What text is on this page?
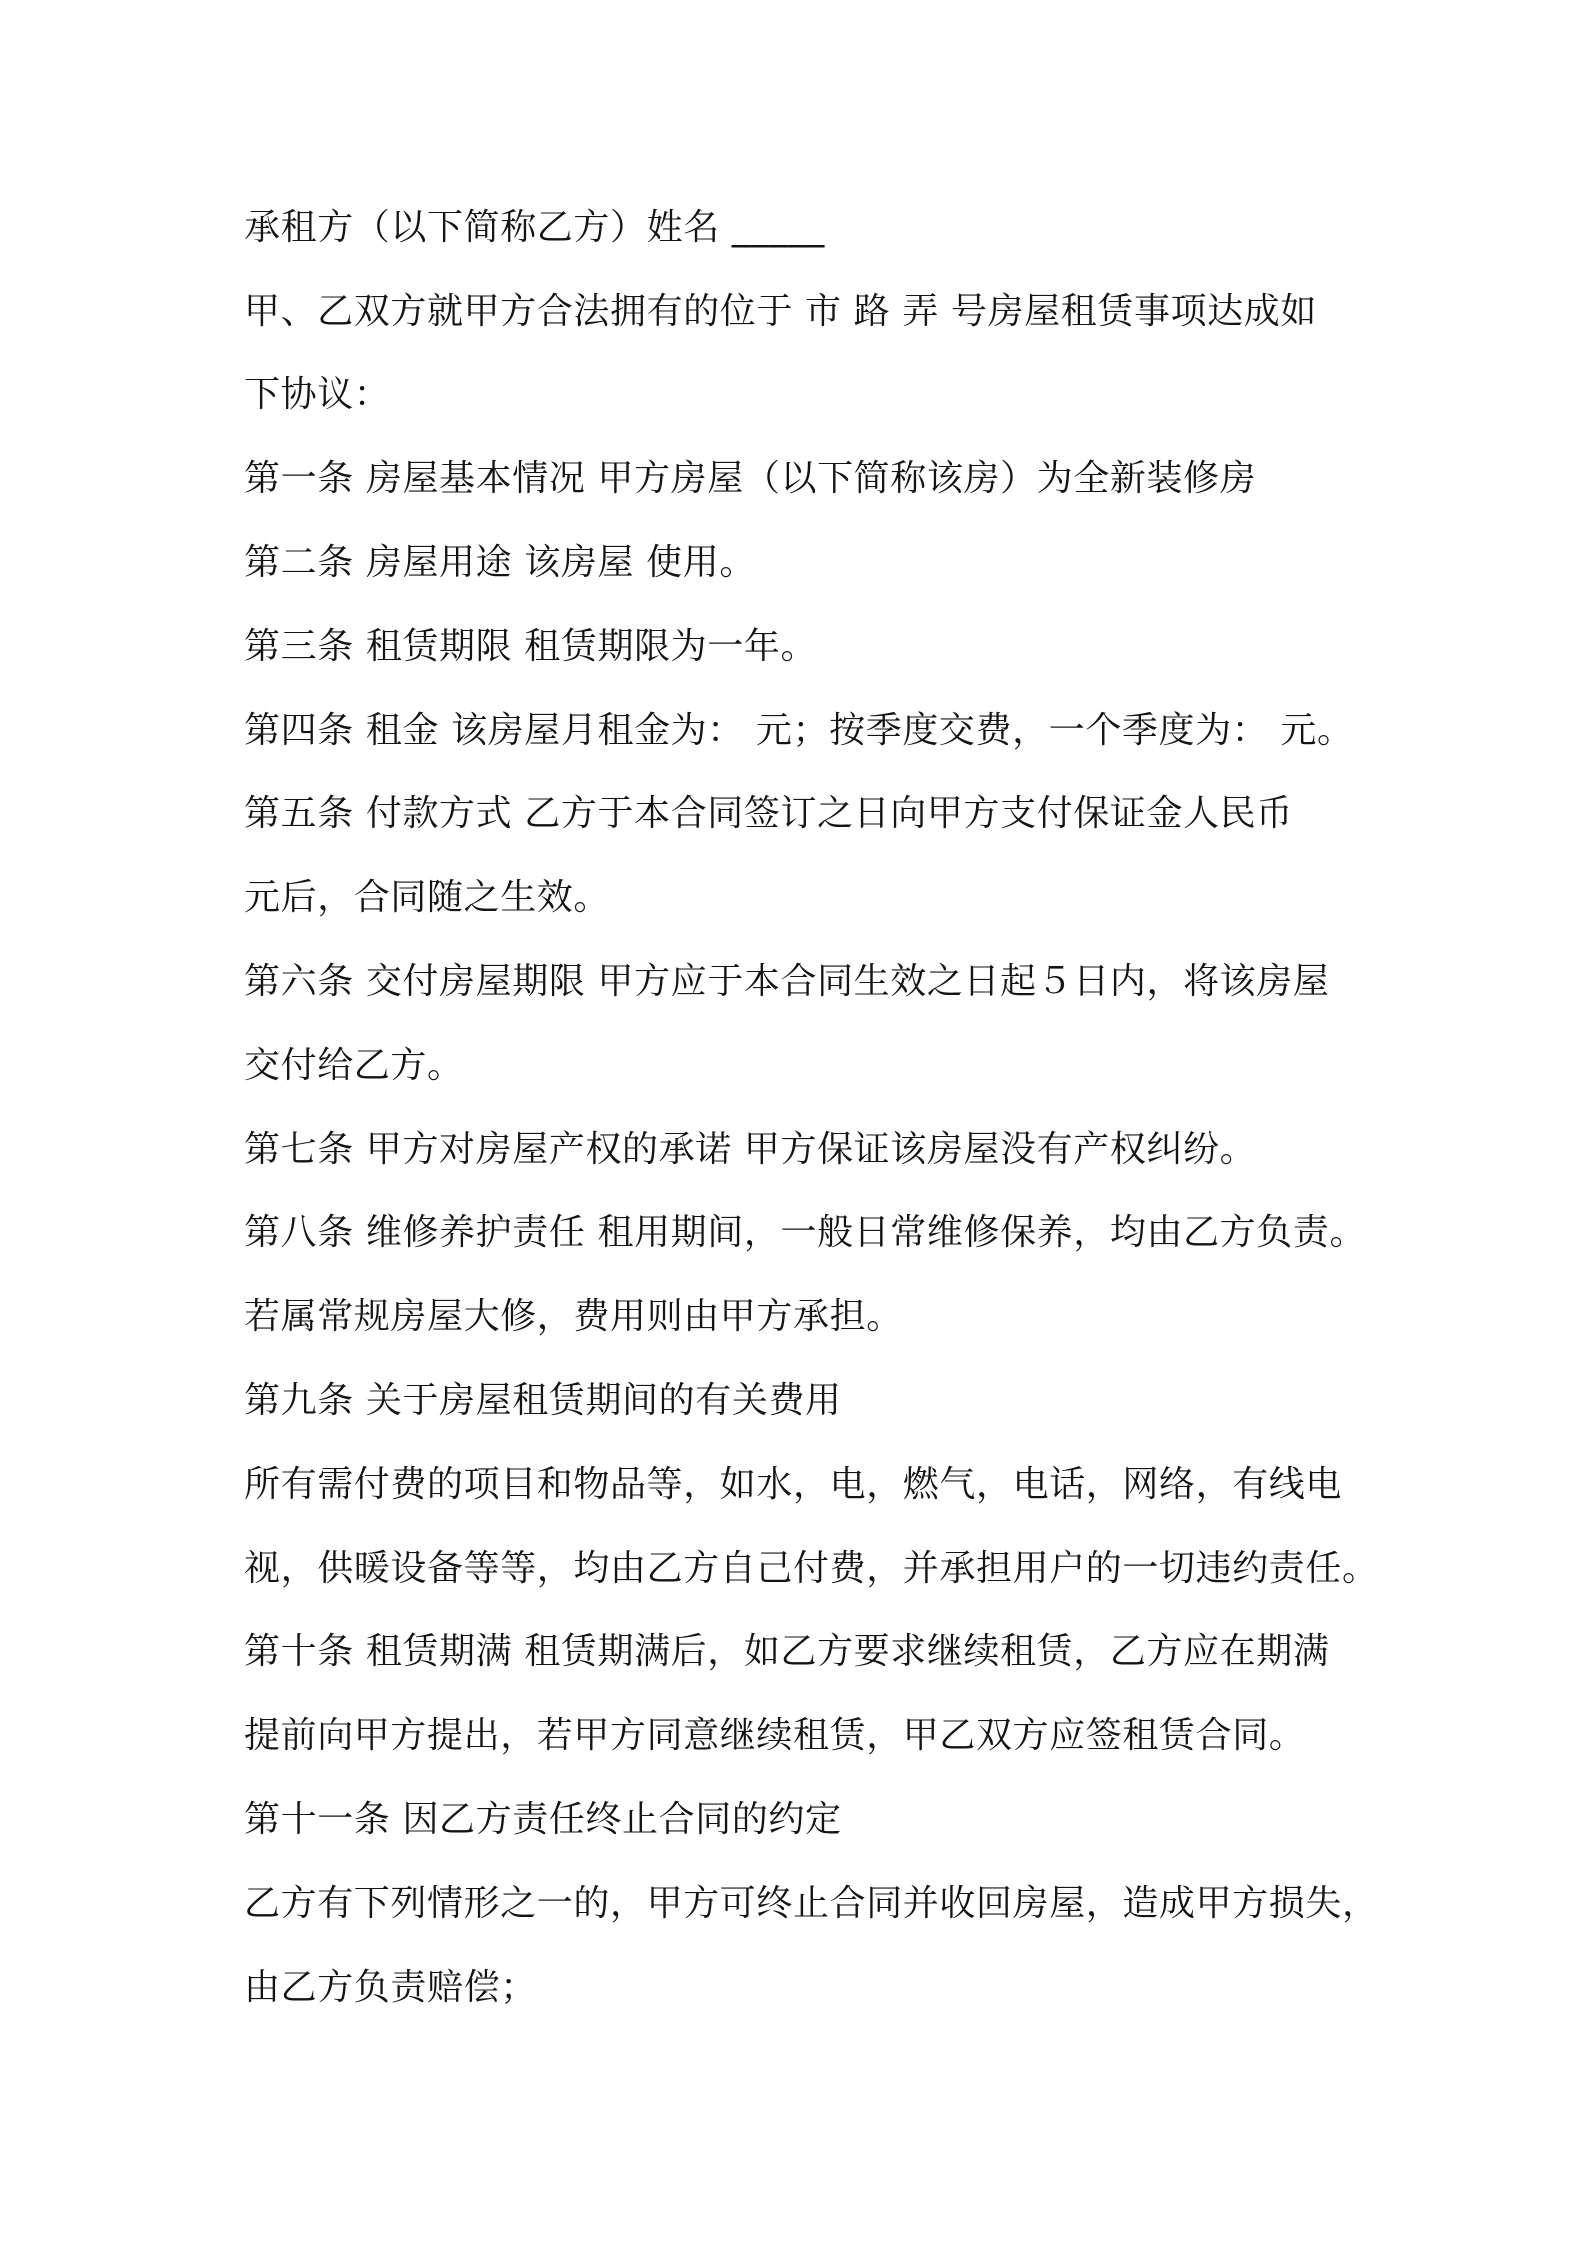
承租方（以下简称乙方）姓名 _____
甲、乙双方就甲方合法拥有的位于 市 路 弄 号房屋租赁事项达成如
下协议：
第一条 房屋基本情况 甲方房屋（以下简称该房）为全新装修房
第二条 房屋用途 该房屋 使用。
第三条 租赁期限 租赁期限为一年。
第四条 租金 该房屋月租金为： 元；按季度交费，一个季度为： 元。
第五条 付款方式 乙方于本合同签订之日向甲方支付保证金人民币
元后，合同随之生效。
第六条 交付房屋期限 甲方应于本合同生效之日起５日内，将该房屋
交付给乙方。
第七条 甲方对房屋产权的承诺 甲方保证该房屋没有产权纠纷。
第八条 维修养护责任 租用期间，一般日常维修保养，均由乙方负责。
若属常规房屋大修，费用则由甲方承担。
第九条 关于房屋租赁期间的有关费用
所有需付费的项目和物品等，如水，电，燃气，电话，网络，有线电
视，供暖设备等等，均由乙方自己付费，并承担用户的一切违约责任。
第十条 租赁期满 租赁期满后，如乙方要求继续租赁，乙方应在期满
提前向甲方提出，若甲方同意继续租赁，甲乙双方应签租赁合同。
第十一条 因乙方责任终止合同的约定
乙方有下列情形之一的，甲方可终止合同并收回房屋，造成甲方损失，
由乙方负责赔偿；
